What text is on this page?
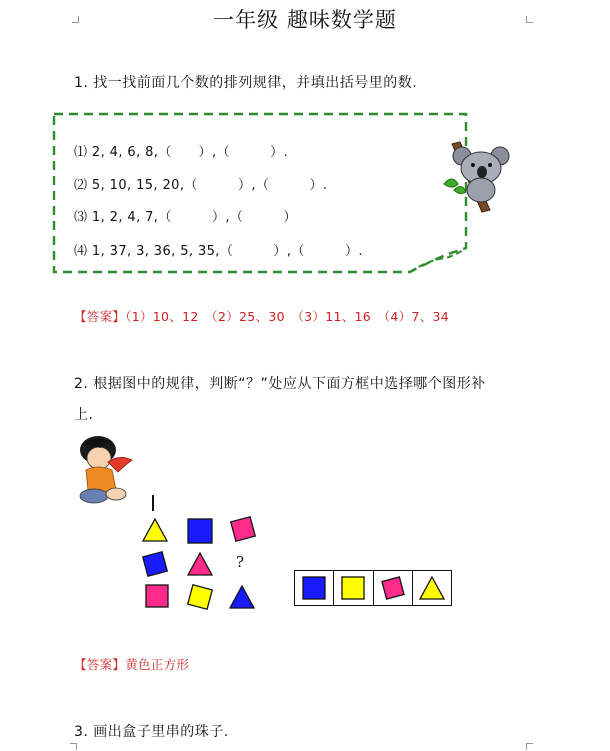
一年级 趣味数学题
1. 找一找前面几个数的排列规律，并填出括号里的数.
⑴ 2, 4, 6, 8,（　　）,（　　　）.
⑵ 5, 10, 15, 20,（　　　）,（　　　）.
⑶ 1, 2, 4, 7,（　　　）,（　　　）
⑷ 1, 37, 3, 36, 5, 35,（　　　）,（　　　）.
【答案】（1）10、12　（2）25、30　（3）11、16　（4）7、34
2. 根据图中的规律，判断“？”处应从下面方框中选择哪个图形补
上.
?
【答案】黄色正方形
3. 画出盒子里串的珠子.
